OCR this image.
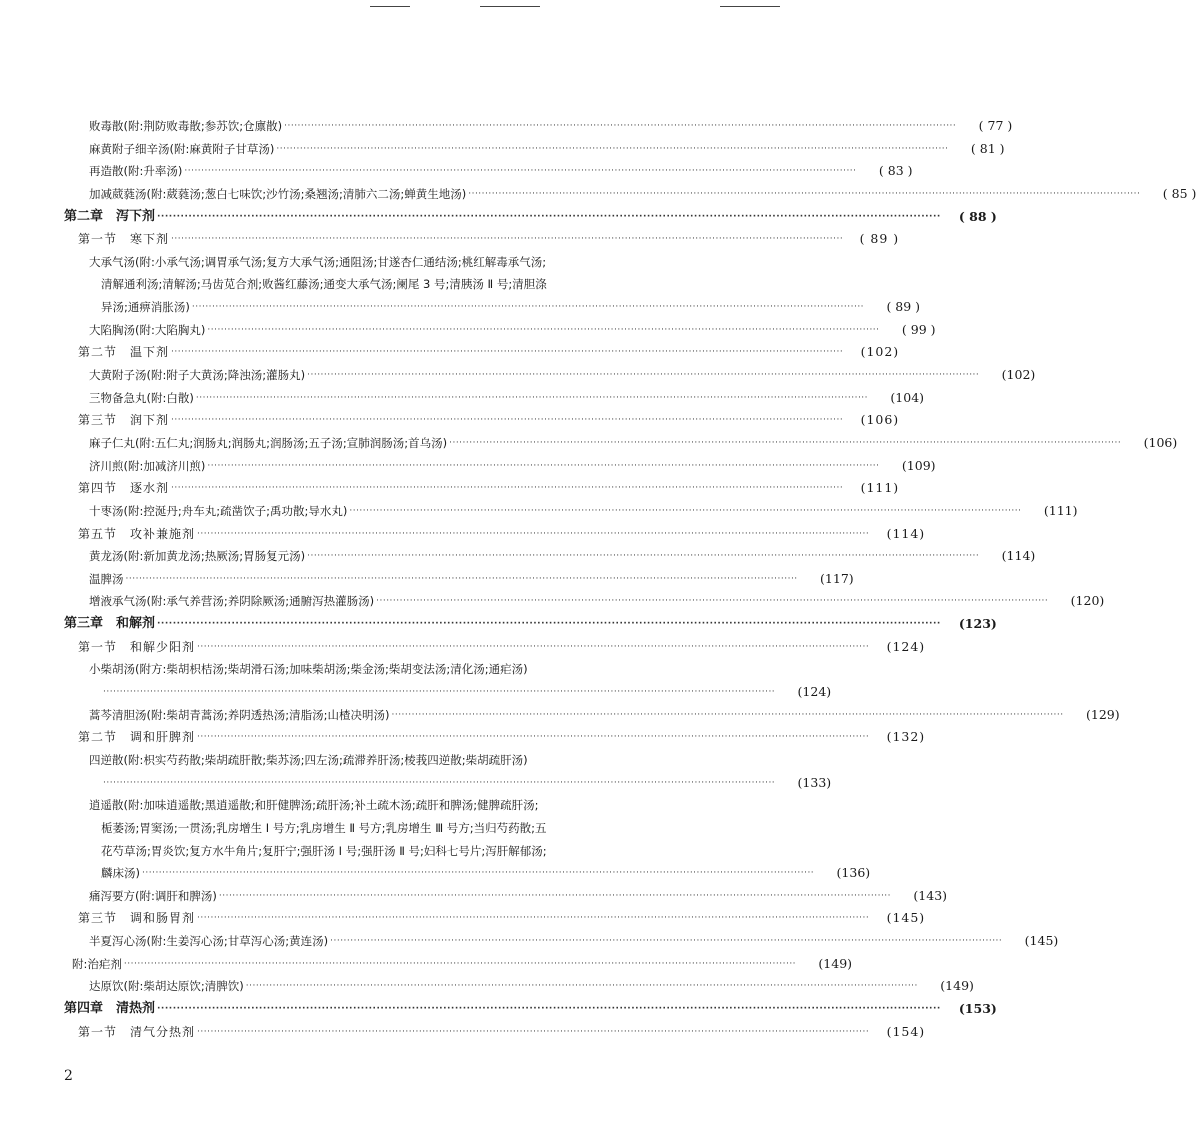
败毒散(附:荆防败毒散;参苏饮;仓廪散) ········································································································································································································	( 77 )
麻黄附子细辛汤(附:麻黄附子甘草汤) ········································································································································································································	( 81 )
再造散(附:升率汤) ········································································································································································································	( 83 )
加减葳蕤汤(附:葳蕤汤;葱白七味饮;沙竹汤;桑翘汤;清肺六二汤;蝉黄生地汤) ········································································································································································································	( 85 )
第二章　泻下剂 ········································································································································································································	( 88 )
第一节　寒下剂 ········································································································································································································	( 89 )
大承气汤(附:小承气汤;调胃承气汤;复方大承气汤;通阻汤;甘遂杏仁通结汤;桃红解毒承气汤;
清解通利汤;清解汤;马齿苋合剂;败酱红藤汤;通变大承气汤;阑尾 3 号;清胰汤 Ⅱ 号;清胆涤
异汤;通痹消胀汤) ········································································································································································································	( 89 )
大陷胸汤(附:大陷胸丸) ········································································································································································································	( 99 )
第二节　温下剂 ········································································································································································································	(102)
大黄附子汤(附:附子大黄汤;降浊汤;灌肠丸) ········································································································································································································	(102)
三物备急丸(附:白散) ········································································································································································································	(104)
第三节　润下剂 ········································································································································································································	(106)
麻子仁丸(附:五仁丸;润肠丸;润肠丸;润肠汤;五子汤;宣肺润肠汤;首乌汤) ········································································································································································································	(106)
济川煎(附:加减济川煎) ········································································································································································································	(109)
第四节　逐水剂 ········································································································································································································	(111)
十枣汤(附:控涎丹;舟车丸;疏凿饮子;禹功散;导水丸) ········································································································································································································	(111)
第五节　攻补兼施剂 ········································································································································································································	(114)
黄龙汤(附:新加黄龙汤;热厥汤;胃肠复元汤) ········································································································································································································	(114)
温脾汤 ········································································································································································································	(117)
增液承气汤(附:承气养营汤;养阴除厥汤;通腑泻热灌肠汤) ········································································································································································································	(120)
第三章　和解剂 ········································································································································································································	(123)
第一节　和解少阳剂 ········································································································································································································	(124)
小柴胡汤(附方:柴胡枳桔汤;柴胡滑石汤;加味柴胡汤;柴金汤;柴胡变法汤;清化汤;通疟汤)
········································································································································································································	(124)
蒿芩清胆汤(附:柴胡青蒿汤;养阴透热汤;清脂汤;山楂决明汤) ········································································································································································································	(129)
第二节　调和肝脾剂 ········································································································································································································	(132)
四逆散(附:枳实芍药散;柴胡疏肝散;柴苏汤;四左汤;疏滞养肝汤;棱莪四逆散;柴胡疏肝汤)
········································································································································································································	(133)
逍遥散(附:加味逍遥散;黑逍遥散;和肝健脾汤;疏肝汤;补土疏木汤;疏肝和脾汤;健脾疏肝汤;
栀萎汤;胃窦汤;一贯汤;乳房增生 Ⅰ 号方;乳房增生 Ⅱ 号方;乳房增生 Ⅲ 号方;当归芍药散;五
花芍草汤;胃炎饮;复方水牛角片;复肝宁;强肝汤 Ⅰ 号;强肝汤 Ⅱ 号;妇科七号片;泻肝解郁汤;
麟床汤) ········································································································································································································	(136)
痛泻要方(附:调肝和脾汤) ········································································································································································································	(143)
第三节　调和肠胃剂 ········································································································································································································	(145)
半夏泻心汤(附:生姜泻心汤;甘草泻心汤;黄连汤) ········································································································································································································	(145)
附:治疟剂 ········································································································································································································	(149)
达原饮(附:柴胡达原饮;清脾饮) ········································································································································································································	(149)
第四章　清热剂 ········································································································································································································	(153)
第一节　清气分热剂 ········································································································································································································	(154)
2
